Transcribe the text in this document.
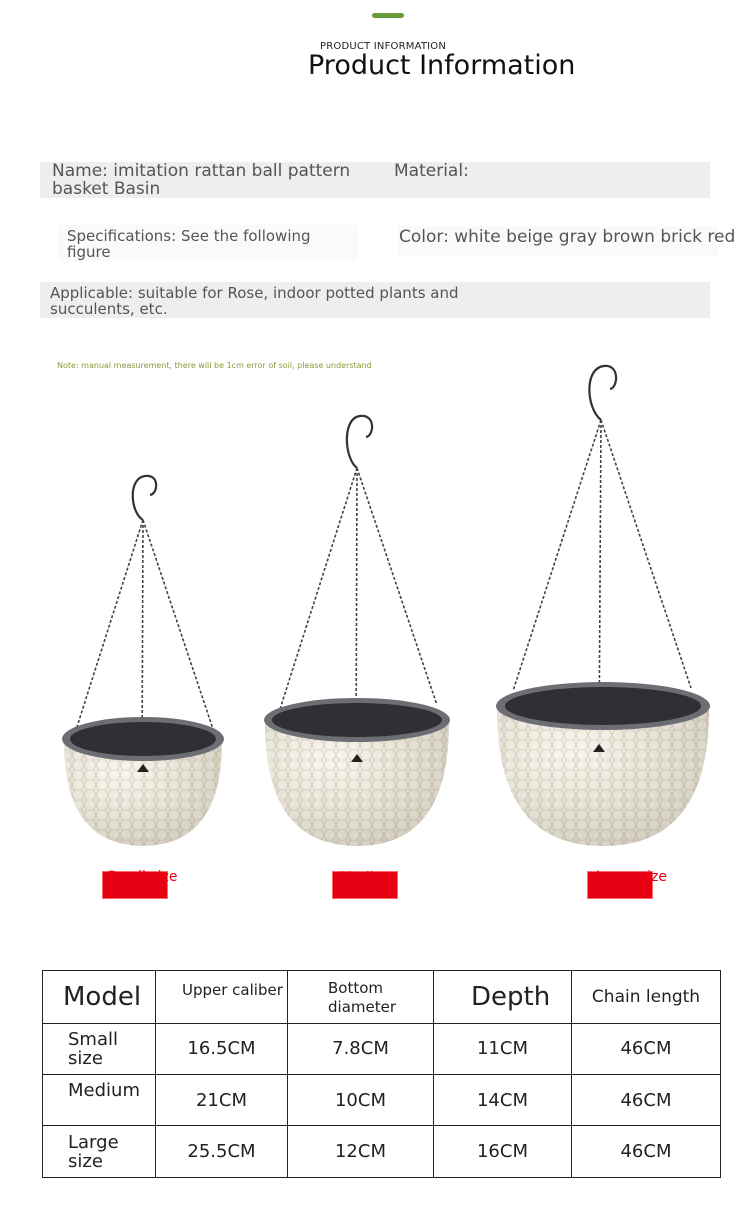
PRODUCT INFORMATION
Product Information
Name: imitation rattan ball pattern basket Basin
Material:
Specifications: See the following figure
Color: white beige gray brown brick red
Applicable: suitable for Rose, indoor potted plants and succulents, etc.
Note: manual measurement, there will be 1cm error of soil, please understand
Small size	Medium	Large size
Model	Upper caliber	Bottom diameter	Depth	Chain length
Small size	16.5CM	7.8CM	11CM	46CM
Medium	21CM	10CM	14CM	46CM
Large size	25.5CM	12CM	16CM	46CM
